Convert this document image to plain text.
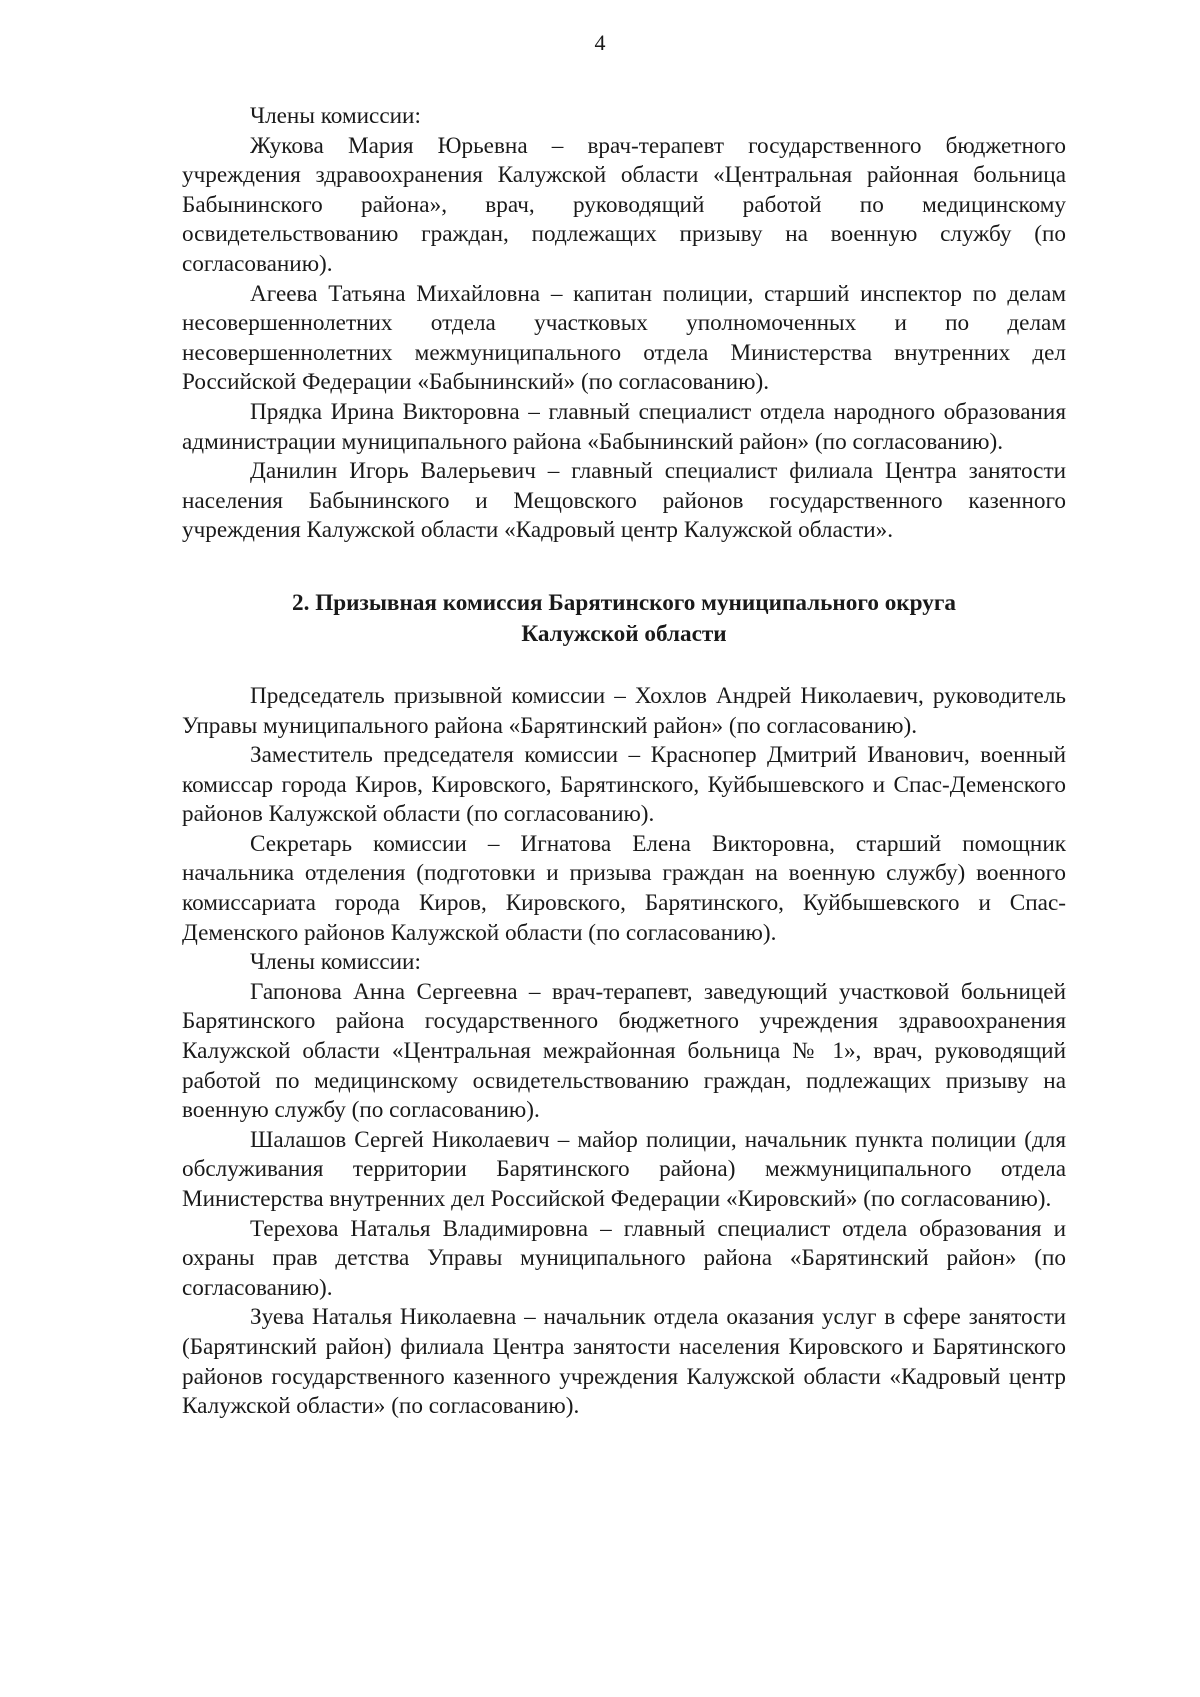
4

Члены комиссии:

Жукова Мария Юрьевна – врач-терапевт государственного бюджетного учреждения здравоохранения Калужской области «Центральная районная больница Бабынинского района», врач, руководящий работой по медицинскому освидетельствованию граждан, подлежащих призыву на военную службу (по согласованию).

Агеева Татьяна Михайловна – капитан полиции, старший инспектор по делам несовершеннолетних отдела участковых уполномоченных и по делам несовершеннолетних межмуниципального отдела Министерства внутренних дел Российской Федерации «Бабынинский» (по согласованию).

Прядка Ирина Викторовна – главный специалист отдела народного образования администрации муниципального района «Бабынинский район» (по согласованию).

Данилин Игорь Валерьевич – главный специалист филиала Центра занятости населения Бабынинского и Мещовского районов государственного казенного учреждения Калужской области «Кадровый центр Калужской области».

2. Призывная комиссия Барятинского муниципального округа
Калужской области

Председатель призывной комиссии – Хохлов Андрей Николаевич, руководитель Управы муниципального района «Барятинский район» (по согласованию).

Заместитель председателя комиссии – Краснопер Дмитрий Иванович, военный комиссар города Киров, Кировского, Барятинского, Куйбышевского и Спас-Деменского районов Калужской области (по согласованию).

Секретарь комиссии – Игнатова Елена Викторовна, старший помощник начальника отделения (подготовки и призыва граждан на военную службу) военного комиссариата города Киров, Кировского, Барятинского, Куйбышевского и Спас-Деменского районов Калужской области (по согласованию).

Члены комиссии:

Гапонова Анна Сергеевна – врач-терапевт, заведующий участковой больницей Барятинского района государственного бюджетного учреждения здравоохранения Калужской области «Центральная межрайонная больница № 1», врач, руководящий работой по медицинскому освидетельствованию граждан, подлежащих призыву на военную службу (по согласованию).

Шалашов Сергей Николаевич – майор полиции, начальник пункта полиции (для обслуживания территории Барятинского района) межмуниципального отдела Министерства внутренних дел Российской Федерации «Кировский» (по согласованию).

Терехова Наталья Владимировна – главный специалист отдела образования и охраны прав детства Управы муниципального района «Барятинский район» (по согласованию).

Зуева Наталья Николаевна – начальник отдела оказания услуг в сфере занятости (Барятинский район) филиала Центра занятости населения Кировского и Барятинского районов государственного казенного учреждения Калужской области «Кадровый центр Калужской области» (по согласованию).
